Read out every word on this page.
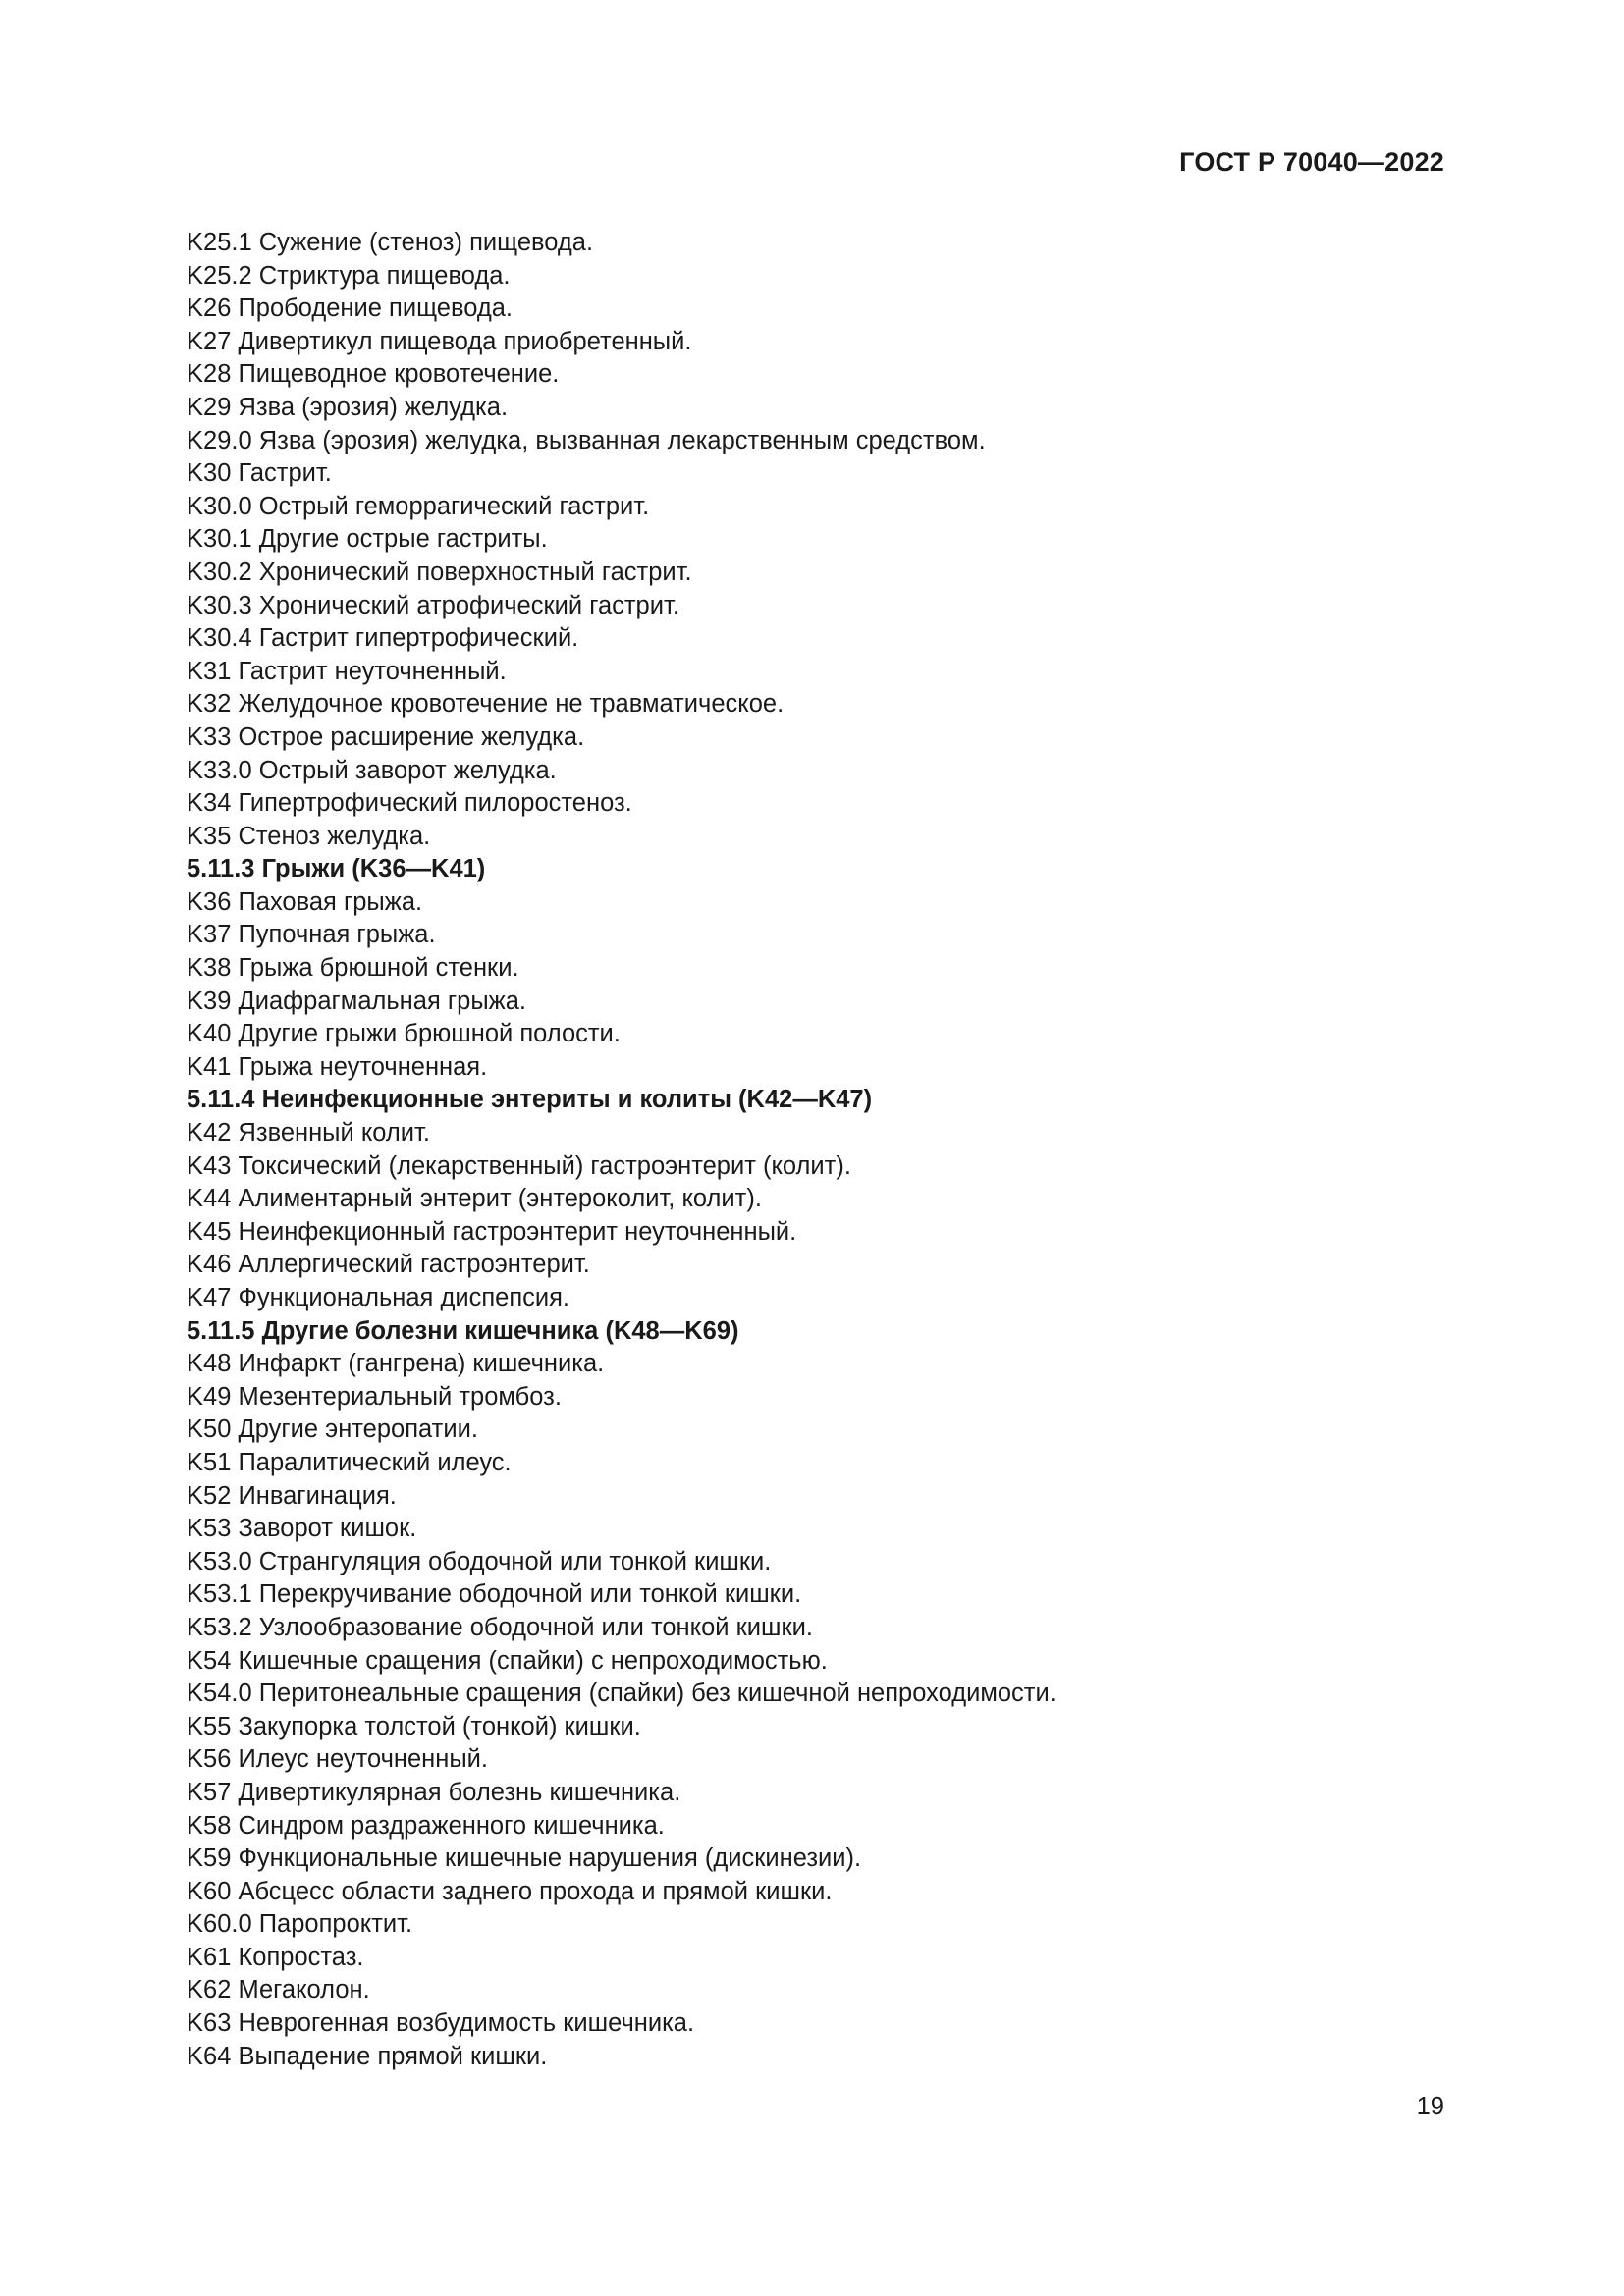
ГОСТ Р 70040—2022
K25.1 Сужение (стеноз) пищевода.
K25.2 Стриктура пищевода.
K26 Прободение пищевода.
K27 Дивертикул пищевода приобретенный.
K28 Пищеводное кровотечение.
K29 Язва (эрозия) желудка.
K29.0 Язва (эрозия) желудка, вызванная лекарственным средством.
K30 Гастрит.
K30.0 Острый геморрагический гастрит.
K30.1 Другие острые гастриты.
K30.2 Хронический поверхностный гастрит.
K30.3 Хронический атрофический гастрит.
K30.4 Гастрит гипертрофический.
K31 Гастрит неуточненный.
K32 Желудочное кровотечение не травматическое.
K33 Острое расширение желудка.
K33.0 Острый заворот желудка.
K34 Гипертрофический пилоростеноз.
K35 Стеноз желудка.
5.11.3 Грыжи (K36—K41)
K36 Паховая грыжа.
K37 Пупочная грыжа.
K38 Грыжа брюшной стенки.
K39 Диафрагмальная грыжа.
K40 Другие грыжи брюшной полости.
K41 Грыжа неуточненная.
5.11.4 Неинфекционные энтериты и колиты (K42—K47)
K42 Язвенный колит.
K43 Токсический (лекарственный) гастроэнтерит (колит).
K44 Алиментарный энтерит (энтероколит, колит).
K45 Неинфекционный гастроэнтерит неуточненный.
K46 Аллергический гастроэнтерит.
K47 Функциональная диспепсия.
5.11.5 Другие болезни кишечника (K48—K69)
K48 Инфаркт (гангрена) кишечника.
K49 Мезентериальный тромбоз.
K50 Другие энтеропатии.
K51 Паралитический илеус.
K52 Инвагинация.
K53 Заворот кишок.
K53.0 Странгуляция ободочной или тонкой кишки.
K53.1 Перекручивание ободочной или тонкой кишки.
K53.2 Узлообразование ободочной или тонкой кишки.
K54 Кишечные сращения (спайки) с непроходимостью.
K54.0 Перитонеальные сращения (спайки) без кишечной непроходимости.
K55 Закупорка толстой (тонкой) кишки.
K56 Илеус неуточненный.
K57 Дивертикулярная болезнь кишечника.
K58 Синдром раздраженного кишечника.
K59 Функциональные кишечные нарушения (дискинезии).
K60 Абсцесс области заднего прохода и прямой кишки.
K60.0 Паропроктит.
K61 Копростаз.
K62 Мегаколон.
K63 Неврогенная возбудимость кишечника.
K64 Выпадение прямой кишки.
19
